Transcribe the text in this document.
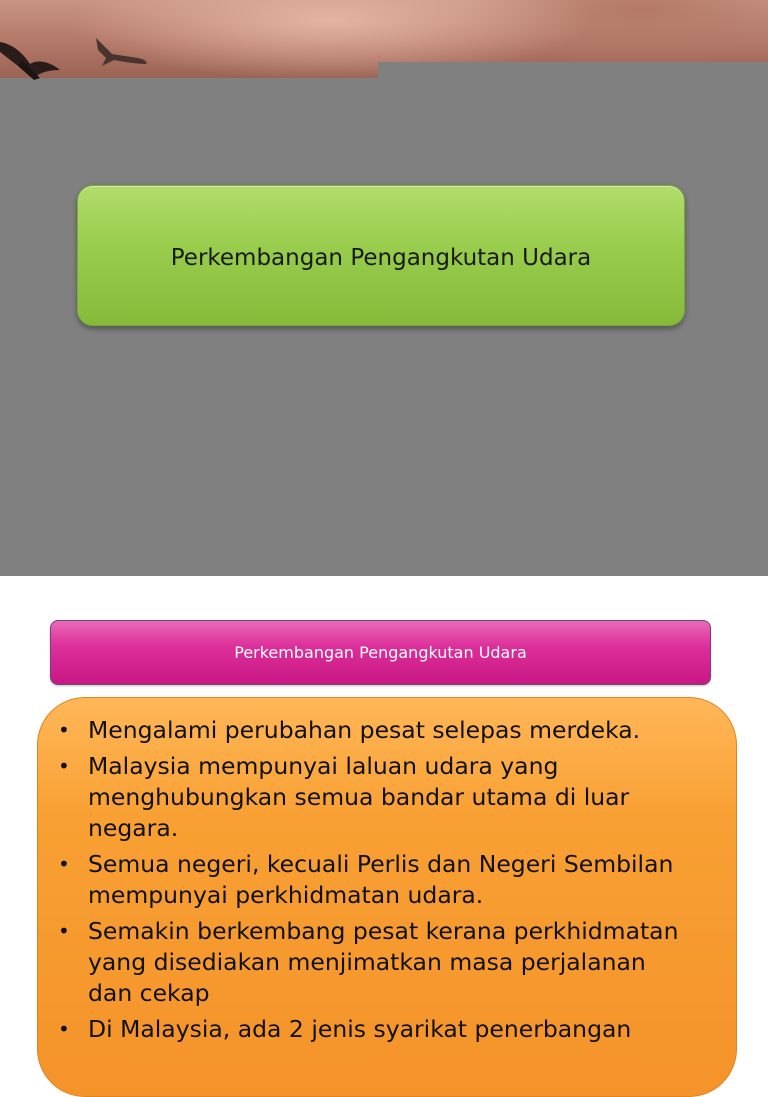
Perkembangan Pengangkutan Udara
Perkembangan Pengangkutan Udara
• Mengalami perubahan pesat selepas merdeka.
• Malaysia mempunyai laluan udara yang
menghubungkan semua bandar utama di luar
negara.
• Semua negeri, kecuali Perlis dan Negeri Sembilan
mempunyai perkhidmatan udara.
• Semakin berkembang pesat kerana perkhidmatan
yang disediakan menjimatkan masa perjalanan
dan cekap
• Di Malaysia, ada 2 jenis syarikat penerbangan
